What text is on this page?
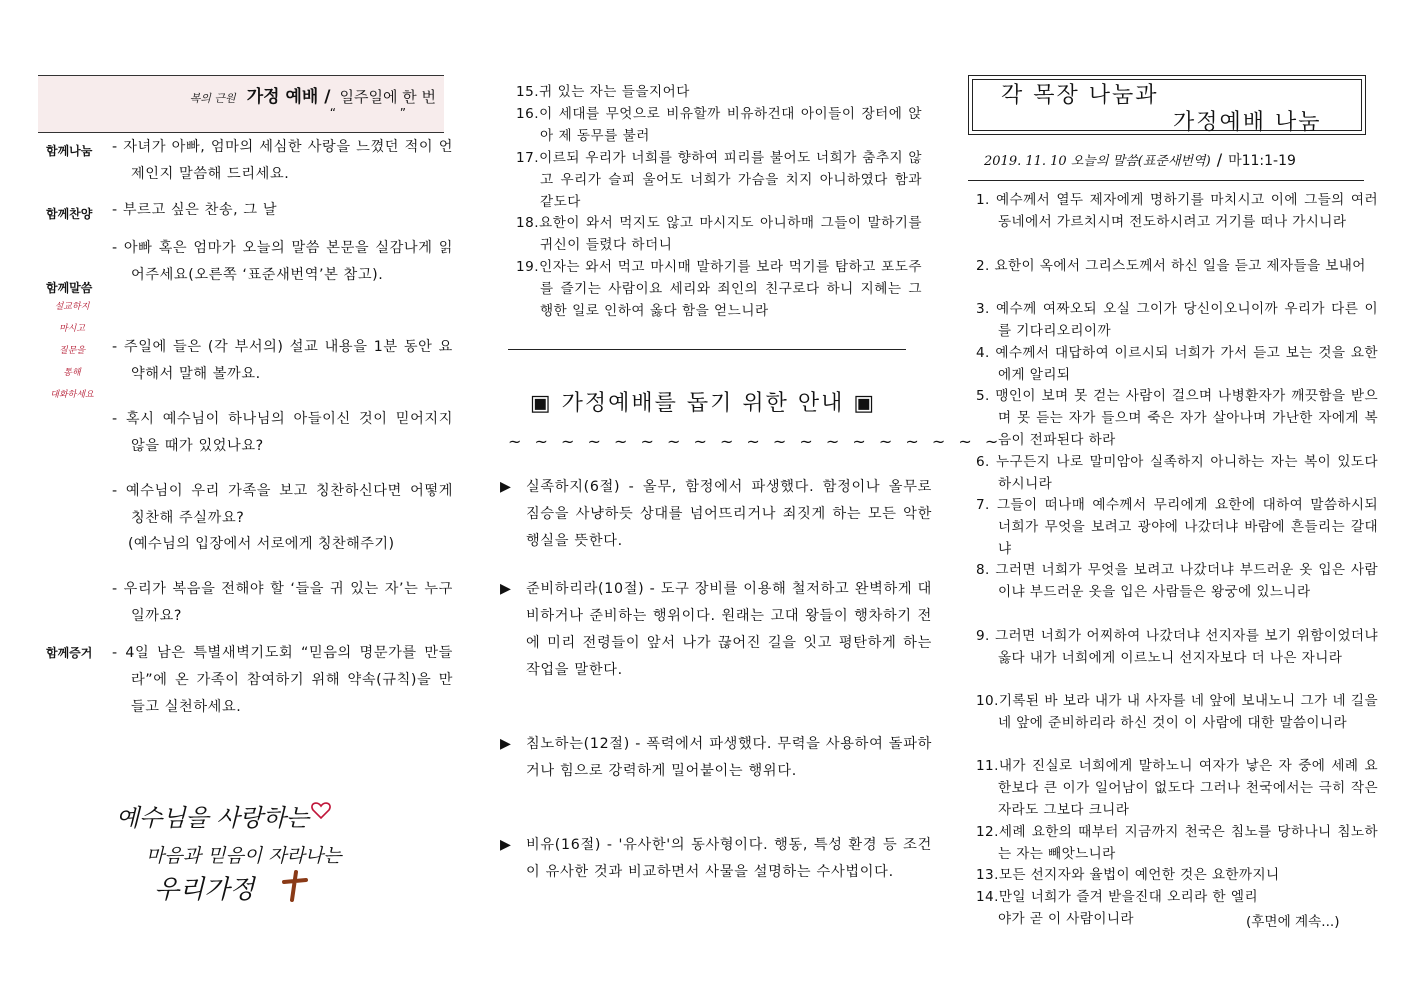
복의 근원 가정 예배 / 일주일에 한 번
“ ”
함께나눔 - 자녀가 아빠, 엄마의 세심한 사랑을 느꼈던 적이 언제인지 말씀해 드리세요.
함께찬양 - 부르고 싶은 찬송, 그 날
함께말씀
설교하지
마시고
질문을
통해
대화하세요
- 아빠 혹은 엄마가 오늘의 말씀 본문을 실감나게 읽어주세요(오른쪽 ‘표준새번역’본 참고).
- 주일에 들은 (각 부서의) 설교 내용을 1분 동안 요약해서 말해 볼까요.
- 혹시 예수님이 하나님의 아들이신 것이 믿어지지 않을 때가 있었나요?
- 예수님이 우리 가족을 보고 칭찬하신다면 어떻게 칭찬해 주실까요?
(예수님의 입장에서 서로에게 칭찬해주기)
- 우리가 복음을 전해야 할 ‘들을 귀 있는 자’는 누구일까요?
함께증거 - 4일 남은 특별새벽기도회 “믿음의 명문가를 만들라”에 온 가족이 참여하기 위해 약속(규칙)을 만들고 실천하세요.
예수님을 사랑하는
마음과 믿음이 자라나는
우리가정
15.귀 있는 자는 들을지어다
16.이 세대를 무엇으로 비유할까 비유하건대 아이들이 장터에 앉아 제 동무를 불러
17.이르되 우리가 너희를 향하여 피리를 불어도 너희가 춤추지 않고 우리가 슬피 울어도 너희가 가슴을 치지 아니하였다 함과 같도다
18.요한이 와서 먹지도 않고 마시지도 아니하매 그들이 말하기를 귀신이 들렸다 하더니
19.인자는 와서 먹고 마시매 말하기를 보라 먹기를 탐하고 포도주를 즐기는 사람이요 세리와 죄인의 친구로다 하니 지혜는 그 행한 일로 인하여 옳다 함을 얻느니라
▣ 가정예배를 돕기 위한 안내 ▣
~ ~ ~ ~ ~ ~ ~ ~ ~ ~ ~ ~ ~ ~ ~ ~ ~ ~ ~
▶ 실족하지(6절) - 올무, 함정에서 파생했다. 함정이나 올무로 짐승을 사냥하듯 상대를 넘어뜨리거나 죄짓게 하는 모든 악한 행실을 뜻한다.
▶ 준비하리라(10절) - 도구 장비를 이용해 철저하고 완벽하게 대비하거나 준비하는 행위이다. 원래는 고대 왕들이 행차하기 전에 미리 전령들이 앞서 나가 끊어진 길을 잇고 평탄하게 하는 작업을 말한다.
▶ 침노하는(12절) - 폭력에서 파생했다. 무력을 사용하여 돌파하거나 힘으로 강력하게 밀어붙이는 행위다.
▶ 비유(16절) - '유사한'의 동사형이다. 행동, 특성 환경 등 조건이 유사한 것과 비교하면서 사물을 설명하는 수사법이다.
각 목장 나눔과
가정예배 나눔
2019. 11. 10 오늘의 말씀(표준새번역) / 마11:1-19
1. 예수께서 열두 제자에게 명하기를 마치시고 이에 그들의 여러 동네에서 가르치시며 전도하시려고 거기를 떠나 가시니라
2. 요한이 옥에서 그리스도께서 하신 일을 듣고 제자들을 보내어
3. 예수께 여짜오되 오실 그이가 당신이오니이까 우리가 다른 이를 기다리오리이까
4. 예수께서 대답하여 이르시되 너희가 가서 듣고 보는 것을 요한에게 알리되
5. 맹인이 보며 못 걷는 사람이 걸으며 나병환자가 깨끗함을 받으며 못 듣는 자가 들으며 죽은 자가 살아나며 가난한 자에게 복음이 전파된다 하라
6. 누구든지 나로 말미암아 실족하지 아니하는 자는 복이 있도다 하시니라
7. 그들이 떠나매 예수께서 무리에게 요한에 대하여 말씀하시되 너희가 무엇을 보려고 광야에 나갔더냐 바람에 흔들리는 갈대냐
8. 그러면 너희가 무엇을 보려고 나갔더냐 부드러운 옷 입은 사람이냐 부드러운 옷을 입은 사람들은 왕궁에 있느니라
9. 그러면 너희가 어찌하여 나갔더냐 선지자를 보기 위함이었더냐 옳다 내가 너희에게 이르노니 선지자보다 더 나은 자니라
10.기록된 바 보라 내가 내 사자를 네 앞에 보내노니 그가 네 길을 네 앞에 준비하리라 하신 것이 이 사람에 대한 말씀이니라
11.내가 진실로 너희에게 말하노니 여자가 낳은 자 중에 세례 요한보다 큰 이가 일어남이 없도다 그러나 천국에서는 극히 작은 자라도 그보다 크니라
12.세례 요한의 때부터 지금까지 천국은 침노를 당하나니 침노하는 자는 빼앗느니라
13.모든 선지자와 율법이 예언한 것은 요한까지니
14.만일 너희가 즐겨 받을진대 오리라 한 엘리야가 곧 이 사람이니라	(후면에 계속...)
